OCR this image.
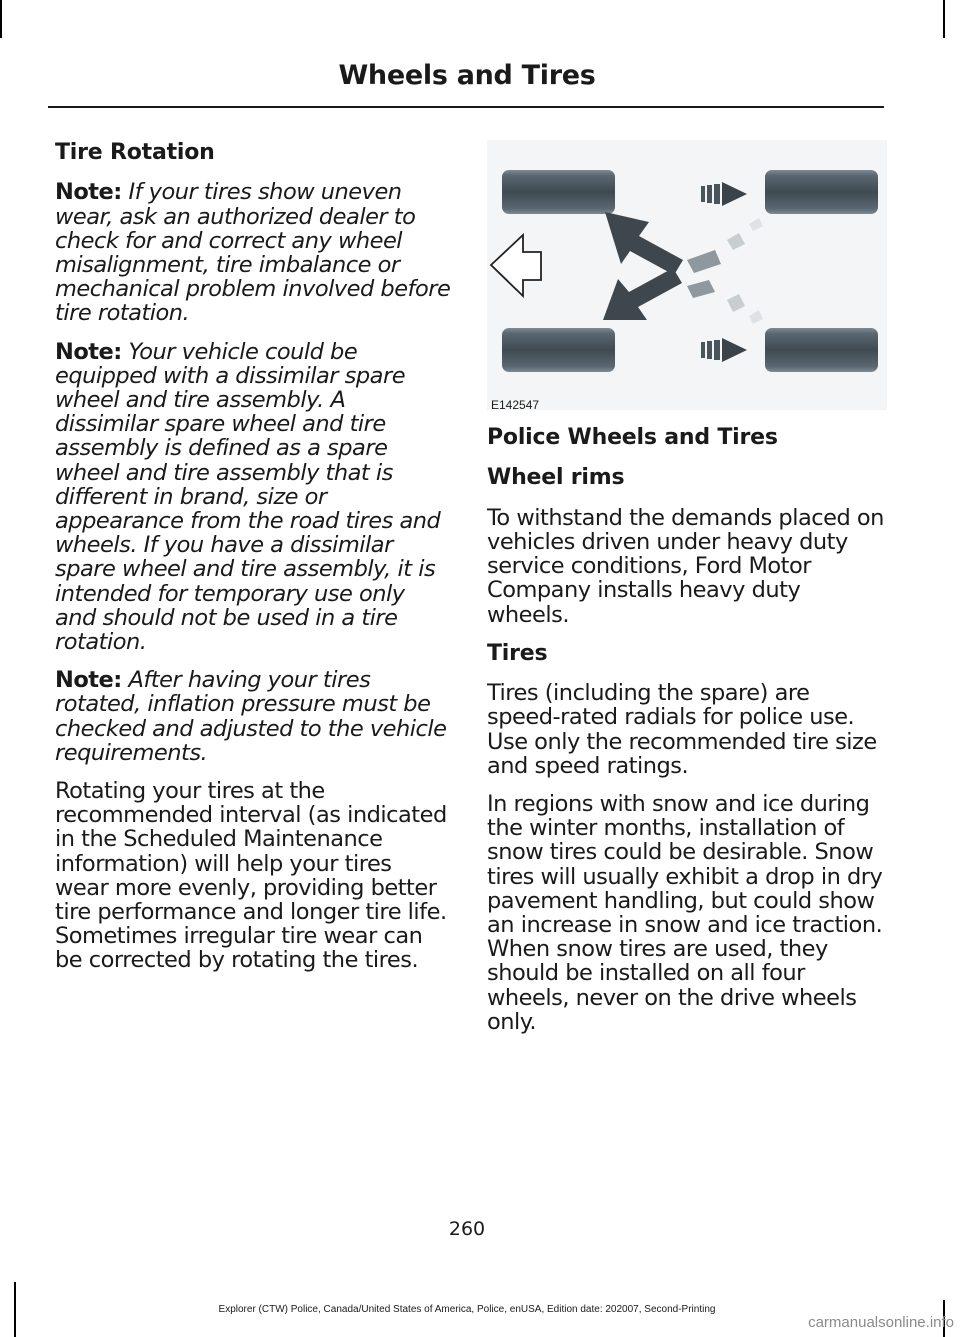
Wheels and Tires
Tire Rotation

Note: If your tires show uneven wear, ask an authorized dealer to check for and correct any wheel misalignment, tire imbalance or mechanical problem involved before tire rotation.

Note: Your vehicle could be equipped with a dissimilar spare wheel and tire assembly. A dissimilar spare wheel and tire assembly is defined as a spare wheel and tire assembly that is different in brand, size or appearance from the road tires and wheels. If you have a dissimilar spare wheel and tire assembly, it is intended for temporary use only and should not be used in a tire rotation.

Note: After having your tires rotated, inflation pressure must be checked and adjusted to the vehicle requirements.

Rotating your tires at the recommended interval (as indicated in the Scheduled Maintenance information) will help your tires wear more evenly, providing better tire performance and longer tire life. Sometimes irregular tire wear can be corrected by rotating the tires.

E142547
Police Wheels and Tires
Wheel rims

To withstand the demands placed on vehicles driven under heavy duty service conditions, Ford Motor Company installs heavy duty wheels.

Tires

Tires (including the spare) are speed-rated radials for police use. Use only the recommended tire size and speed ratings.

In regions with snow and ice during the winter months, installation of snow tires could be desirable. Snow tires will usually exhibit a drop in dry pavement handling, but could show an increase in snow and ice traction. When snow tires are used, they should be installed on all four wheels, never on the drive wheels only.

260
Explorer (CTW) Police, Canada/United States of America, Police, enUSA, Edition date: 202007, Second-Printing
carmanualsonline.info
